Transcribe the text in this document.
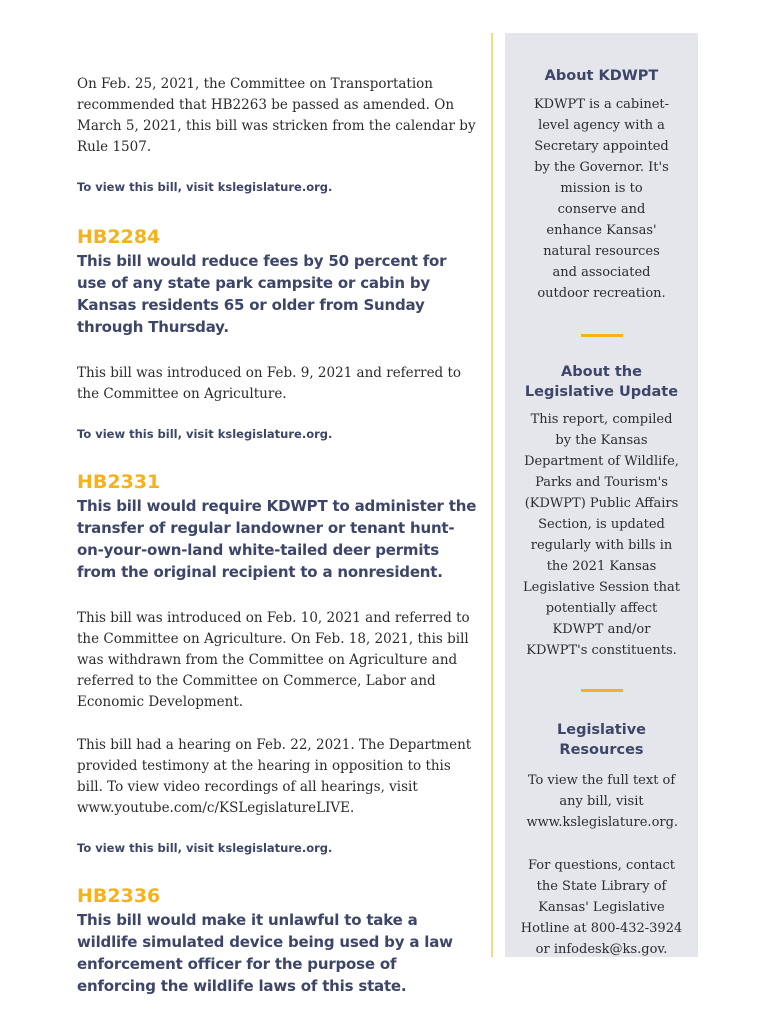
On Feb. 25, 2021, the Committee on Transportation recommended that HB2263 be passed as amended. On March 5, 2021, this bill was stricken from the calendar by Rule 1507.

To view this bill, visit kslegislature.org.

HB2284

This bill would reduce fees by 50 percent for use of any state park campsite or cabin by Kansas residents 65 or older from Sunday through Thursday.

This bill was introduced on Feb. 9, 2021 and referred to the Committee on Agriculture.

To view this bill, visit kslegislature.org.

HB2331

This bill would require KDWPT to administer the transfer of regular landowner or tenant hunt-on-your-own-land white-tailed deer permits from the original recipient to a nonresident.

This bill was introduced on Feb. 10, 2021 and referred to the Committee on Agriculture. On Feb. 18, 2021, this bill was withdrawn from the Committee on Agriculture and referred to the Committee on Commerce, Labor and Economic Development.

This bill had a hearing on Feb. 22, 2021. The Department provided testimony at the hearing in opposition to this bill. To view video recordings of all hearings, visit www.youtube.com/c/KSLegislatureLIVE.

To view this bill, visit kslegislature.org.

HB2336

This bill would make it unlawful to take a wildlife simulated device being used by a law enforcement officer for the purpose of enforcing the wildlife laws of this state.

About KDWPT

KDWPT is a cabinet-level agency with a Secretary appointed by the Governor. It's mission is to conserve and enhance Kansas' natural resources and associated outdoor recreation.

About the Legislative Update

This report, compiled by the Kansas Department of Wildlife, Parks and Tourism's (KDWPT) Public Affairs Section, is updated regularly with bills in the 2021 Kansas Legislative Session that potentially affect KDWPT and/or KDWPT's constituents.

Legislative Resources

To view the full text of any bill, visit www.kslegislature.org.

For questions, contact the State Library of Kansas' Legislative Hotline at 800-432-3924 or infodesk@ks.gov.
